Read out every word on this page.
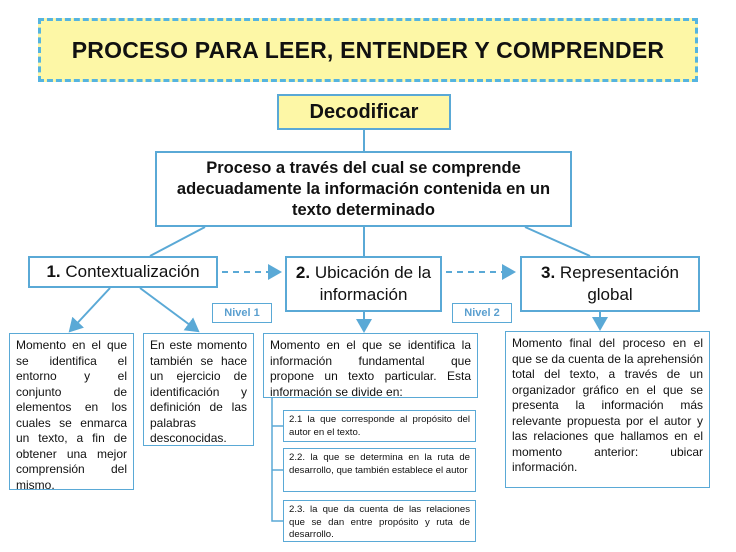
PROCESO PARA LEER, ENTENDER Y COMPRENDER
Decodificar
Proceso a través del cual se comprende adecuadamente la información contenida en un texto determinado
1. Contextualización	2. Ubicación de la información
3. Representación global
Nivel 1	Nivel 2
Momento en el que se identifica el entorno y el conjunto de elementos en los cuales se enmarca un texto, a fin de obtener una mejor comprensión del mismo.
En este momento también se hace un ejercicio de identificación y definición de las palabras desconocidas.
Momento en el que se identifica la información fundamental que propone un texto particular. Esta información se divide en:
Momento final del proceso en el que se da cuenta de la aprehensión total del texto, a través de un organizador gráfico en el que se presenta la información más relevante propuesta por el autor y las relaciones que hallamos en el momento anterior: ubicar información.
2.1 la que corresponde al propósito del autor en el texto.
2.2. la que se determina en la ruta de desarrollo, que también establece el autor
2.3. la que da cuenta de las relaciones que se dan entre propósito y ruta de desarrollo.
